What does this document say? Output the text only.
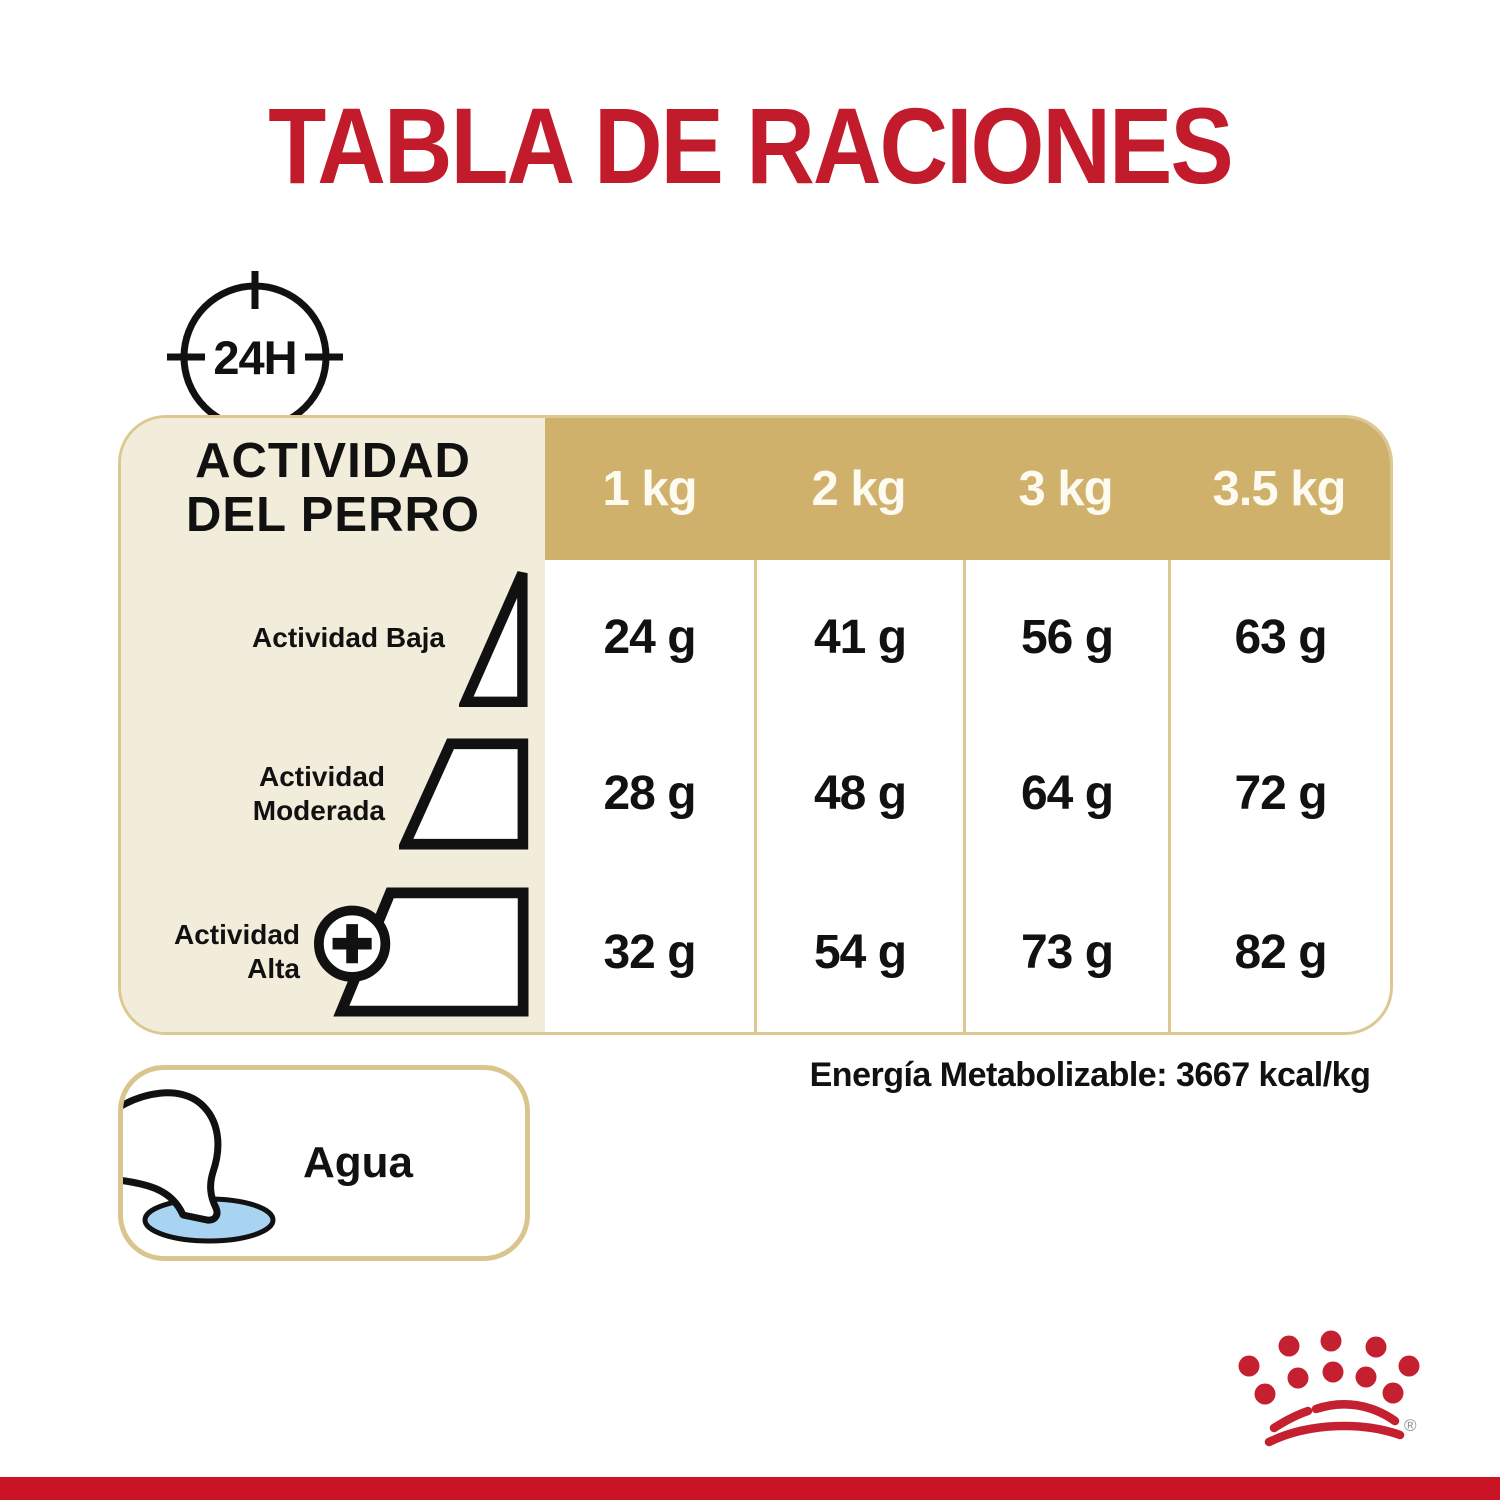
TABLA DE RACIONES
24H
ACTIVIDAD
DEL PERRO	1 kg	2 kg	3 kg	3.5 kg
Actividad Baja	24 g	41 g	56 g	63 g
Actividad
Moderada	28 g	48 g	64 g	72 g
Actividad
Alta	32 g	54 g	73 g	82 g
Energía Metabolizable: 3667 kcal/kg
Agua
®
